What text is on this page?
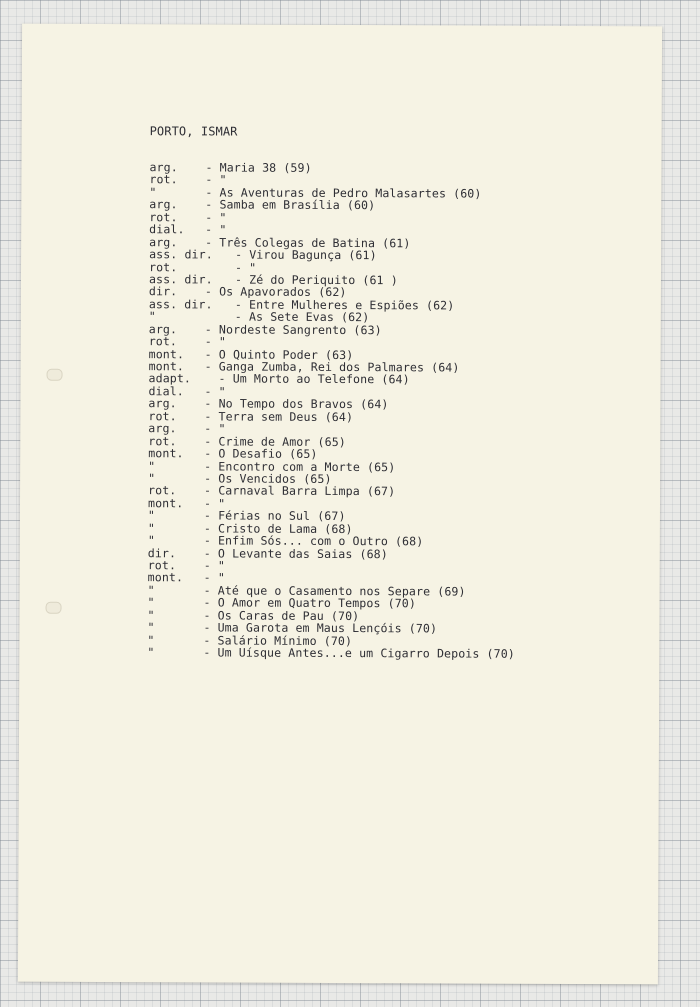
PORTO, ISMAR
arg. - Maria 38 (59)
rot. - "
"	- As Aventuras de Pedro Malasartes (60)
arg. - Samba em Brasília (60)
rot. - "
dial. - "
arg. - Três Colegas de Batina (61)
ass. dir. - Virou Bagunça (61)
rot.	- "
ass. dir. - Zé do Periquito (61 )
dir. - Os Apavorados (62)
ass. dir. - Entre Mulheres e Espiões (62)
"	- As Sete Evas (62)
arg. - Nordeste Sangrento (63)
rot. - "
mont. - O Quinto Poder (63)
mont. - Ganga Zumba, Rei dos Palmares (64)
adapt. - Um Morto ao Telefone (64)
dial. - "
arg. - No Tempo dos Bravos (64)
rot. - Terra sem Deus (64)
arg. - "
rot. - Crime de Amor (65)
mont. - O Desafio (65)
"	- Encontro com a Morte (65)
"	- Os Vencidos (65)
rot. - Carnaval Barra Limpa (67)
mont. - "
"	- Férias no Sul (67)
"	- Cristo de Lama (68)
"	- Enfim Sós... com o Outro (68)
dir. - O Levante das Saias (68)
rot. - "
mont. - "
"	- Até que o Casamento nos Separe (69)
"	- O Amor em Quatro Tempos (70)
"	- Os Caras de Pau (70)
"	- Uma Garota em Maus Lençóis (70)
"	- Salário Mínimo (70)
"	- Um Uísque Antes...e um Cigarro Depois (70)
